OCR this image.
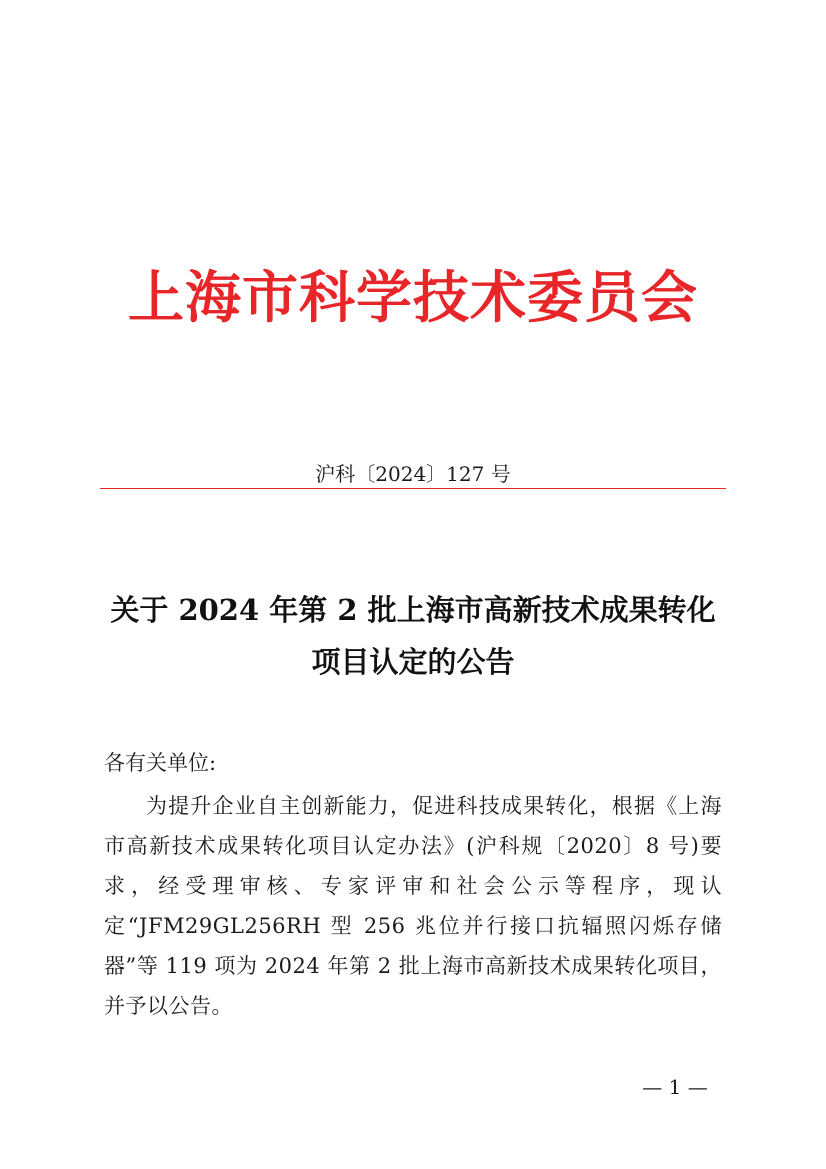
上海市科学技术委员会
沪科〔2024〕127 号
关于 2024 年第 2 批上海市高新技术成果转化
项目认定的公告
各有关单位:
为提升企业自主创新能力，促进科技成果转化，根据《上海市高新技术成果转化项目认定办法》(沪科规〔2020〕8 号)要求，经受理审核、专家评审和社会公示等程序，现认定“JFM29GL256RH 型 256 兆位并行接口抗辐照闪烁存储器”等 119 项为 2024 年第 2 批上海市高新技术成果转化项目，并予以公告。
— 1 —
